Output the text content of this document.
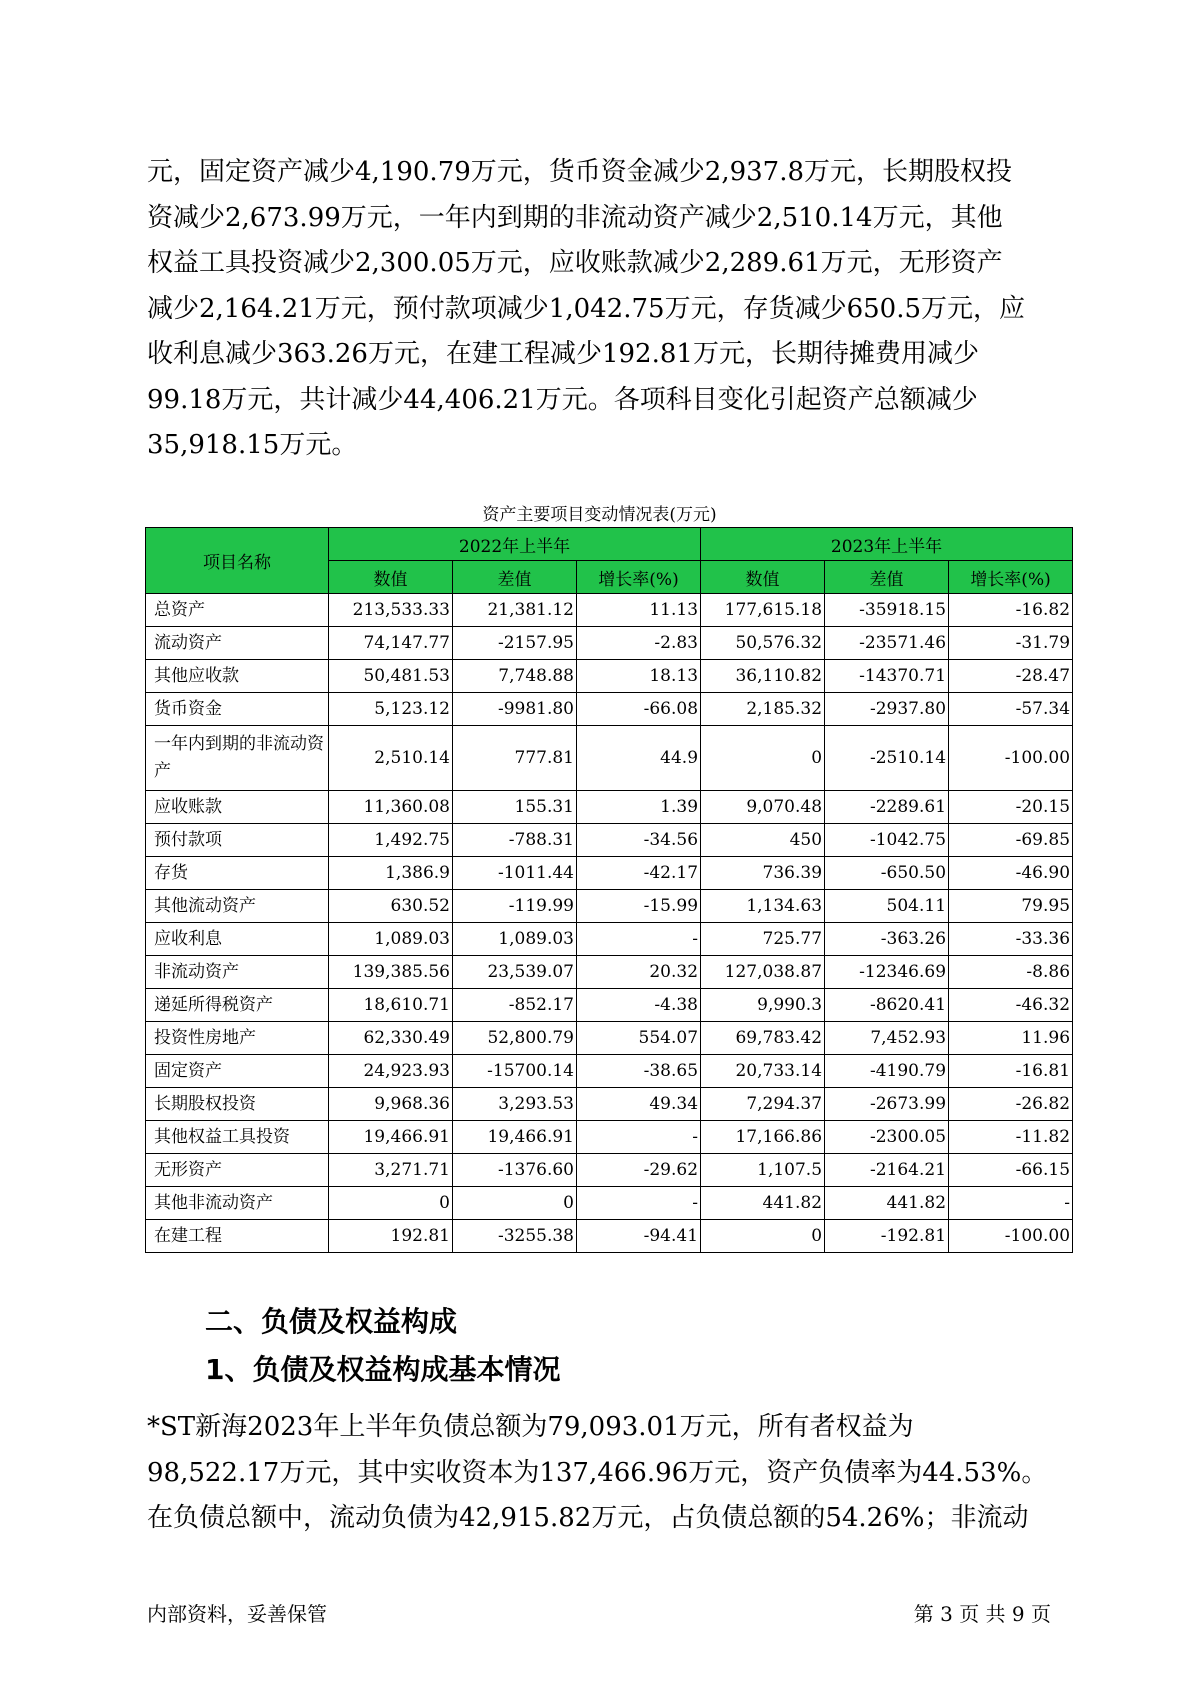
元，固定资产减少4,190.79万元，货币资金减少2,937.8万元，长期股权投
资减少2,673.99万元，一年内到期的非流动资产减少2,510.14万元，其他
权益工具投资减少2,300.05万元，应收账款减少2,289.61万元，无形资产
减少2,164.21万元，预付款项减少1,042.75万元，存货减少650.5万元，应
收利息减少363.26万元，在建工程减少192.81万元，长期待摊费用减少
99.18万元，共计减少44,406.21万元。各项科目变化引起资产总额减少
35,918.15万元。

资产主要项目变动情况表(万元)
项目名称	2022年上半年			2023年上半年		
	数值	差值	增长率(%)	数值	差值	增长率(%)
总资产	213,533.33	21,381.12	11.13	177,615.18	-35918.15	-16.82
流动资产	74,147.77	-2157.95	-2.83	50,576.32	-23571.46	-31.79
其他应收款	50,481.53	7,748.88	18.13	36,110.82	-14370.71	-28.47
货币资金	5,123.12	-9981.80	-66.08	2,185.32	-2937.80	-57.34
一年内到期的非流动资产	2,510.14	777.81	44.9	0	-2510.14	-100.00
应收账款	11,360.08	155.31	1.39	9,070.48	-2289.61	-20.15
预付款项	1,492.75	-788.31	-34.56	450	-1042.75	-69.85
存货	1,386.9	-1011.44	-42.17	736.39	-650.50	-46.90
其他流动资产	630.52	-119.99	-15.99	1,134.63	504.11	79.95
应收利息	1,089.03	1,089.03	-	725.77	-363.26	-33.36
非流动资产	139,385.56	23,539.07	20.32	127,038.87	-12346.69	-8.86
递延所得税资产	18,610.71	-852.17	-4.38	9,990.3	-8620.41	-46.32
投资性房地产	62,330.49	52,800.79	554.07	69,783.42	7,452.93	11.96
固定资产	24,923.93	-15700.14	-38.65	20,733.14	-4190.79	-16.81
长期股权投资	9,968.36	3,293.53	49.34	7,294.37	-2673.99	-26.82
其他权益工具投资	19,466.91	19,466.91	-	17,166.86	-2300.05	-11.82
无形资产	3,271.71	-1376.60	-29.62	1,107.5	-2164.21	-66.15
其他非流动资产	0	0	-	441.82	441.82	-
在建工程	192.81	-3255.38	-94.41	0	-192.81	-100.00
二、负债及权益构成
1、负债及权益构成基本情况

*ST新海2023年上半年负债总额为79,093.01万元，所有者权益为
98,522.17万元，其中实收资本为137,466.96万元，资产负债率为44.53%。
在负债总额中，流动负债为42,915.82万元，占负债总额的54.26%；非流动

内部资料，妥善保管	第 3 页 共 9 页
